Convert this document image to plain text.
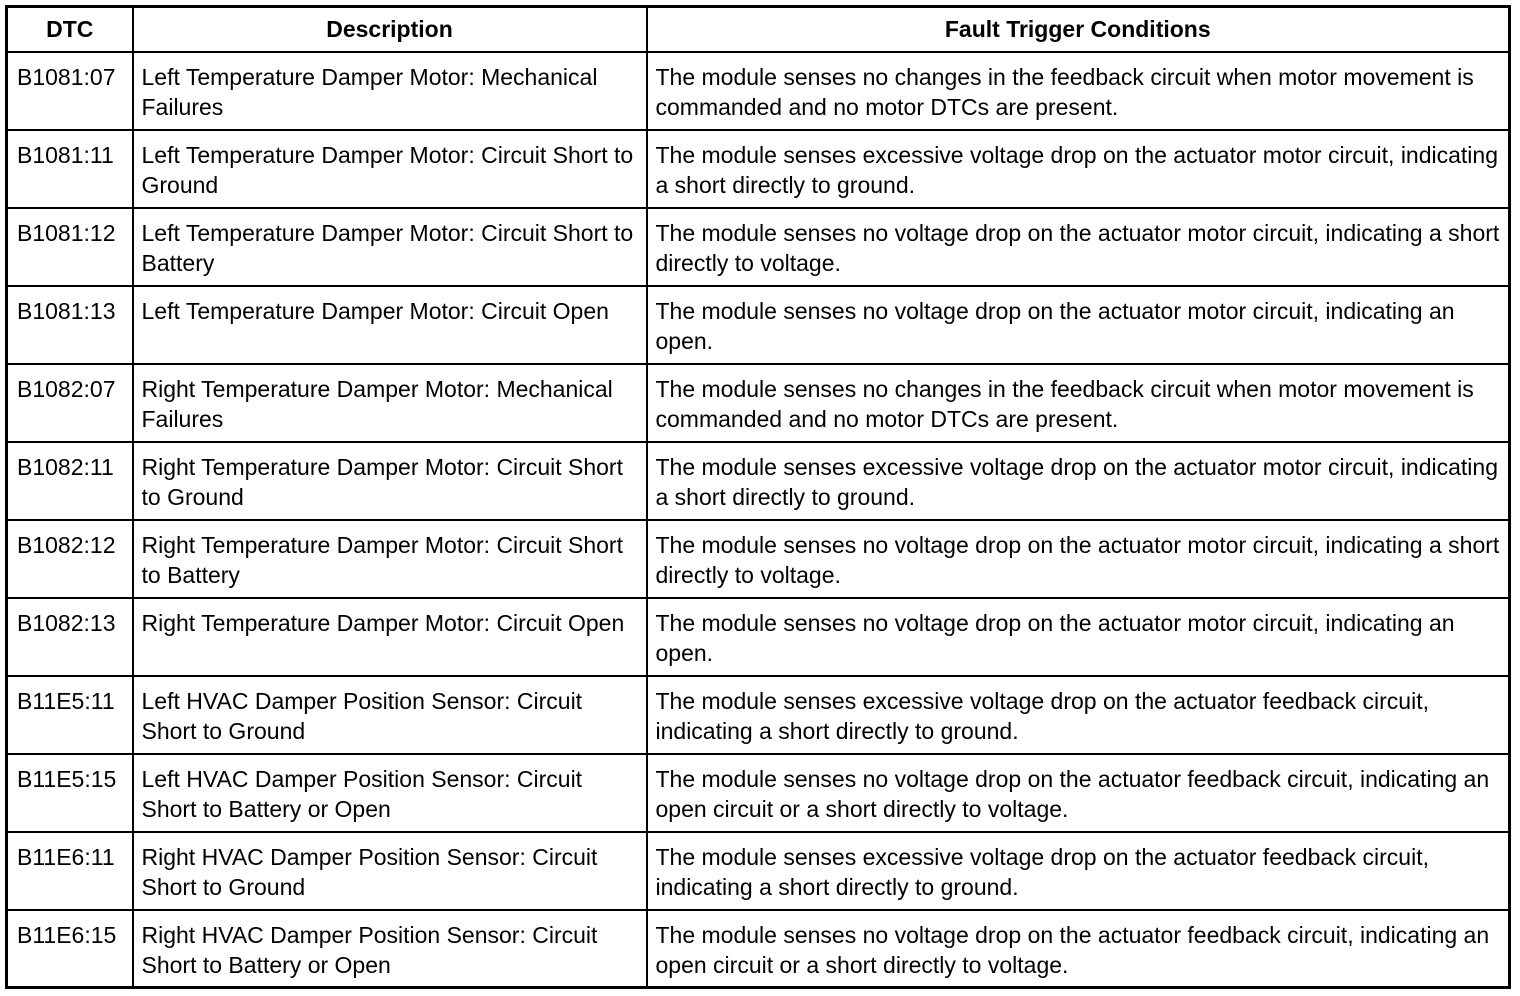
DTC	Description	Fault Trigger Conditions
B1081:07	Left Temperature Damper Motor: Mechanical Failures	The module senses no changes in the feedback circuit when motor movement is commanded and no motor DTCs are present.
B1081:11	Left Temperature Damper Motor: Circuit Short to Ground	The module senses excessive voltage drop on the actuator motor circuit, indicating a short directly to ground.
B1081:12	Left Temperature Damper Motor: Circuit Short to Battery	The module senses no voltage drop on the actuator motor circuit, indicating a short directly to voltage.
B1081:13	Left Temperature Damper Motor: Circuit Open	The module senses no voltage drop on the actuator motor circuit, indicating an open.
B1082:07	Right Temperature Damper Motor: Mechanical Failures	The module senses no changes in the feedback circuit when motor movement is commanded and no motor DTCs are present.
B1082:11	Right Temperature Damper Motor: Circuit Short to Ground	The module senses excessive voltage drop on the actuator motor circuit, indicating a short directly to ground.
B1082:12	Right Temperature Damper Motor: Circuit Short to Battery	The module senses no voltage drop on the actuator motor circuit, indicating a short directly to voltage.
B1082:13	Right Temperature Damper Motor: Circuit Open	The module senses no voltage drop on the actuator motor circuit, indicating an open.
B11E5:11	Left HVAC Damper Position Sensor: Circuit Short to Ground	The module senses excessive voltage drop on the actuator feedback circuit, indicating a short directly to ground.
B11E5:15	Left HVAC Damper Position Sensor: Circuit Short to Battery or Open	The module senses no voltage drop on the actuator feedback circuit, indicating an open circuit or a short directly to voltage.
B11E6:11	Right HVAC Damper Position Sensor: Circuit Short to Ground	The module senses excessive voltage drop on the actuator feedback circuit, indicating a short directly to ground.
B11E6:15	Right HVAC Damper Position Sensor: Circuit Short to Battery or Open	The module senses no voltage drop on the actuator feedback circuit, indicating an open circuit or a short directly to voltage.
